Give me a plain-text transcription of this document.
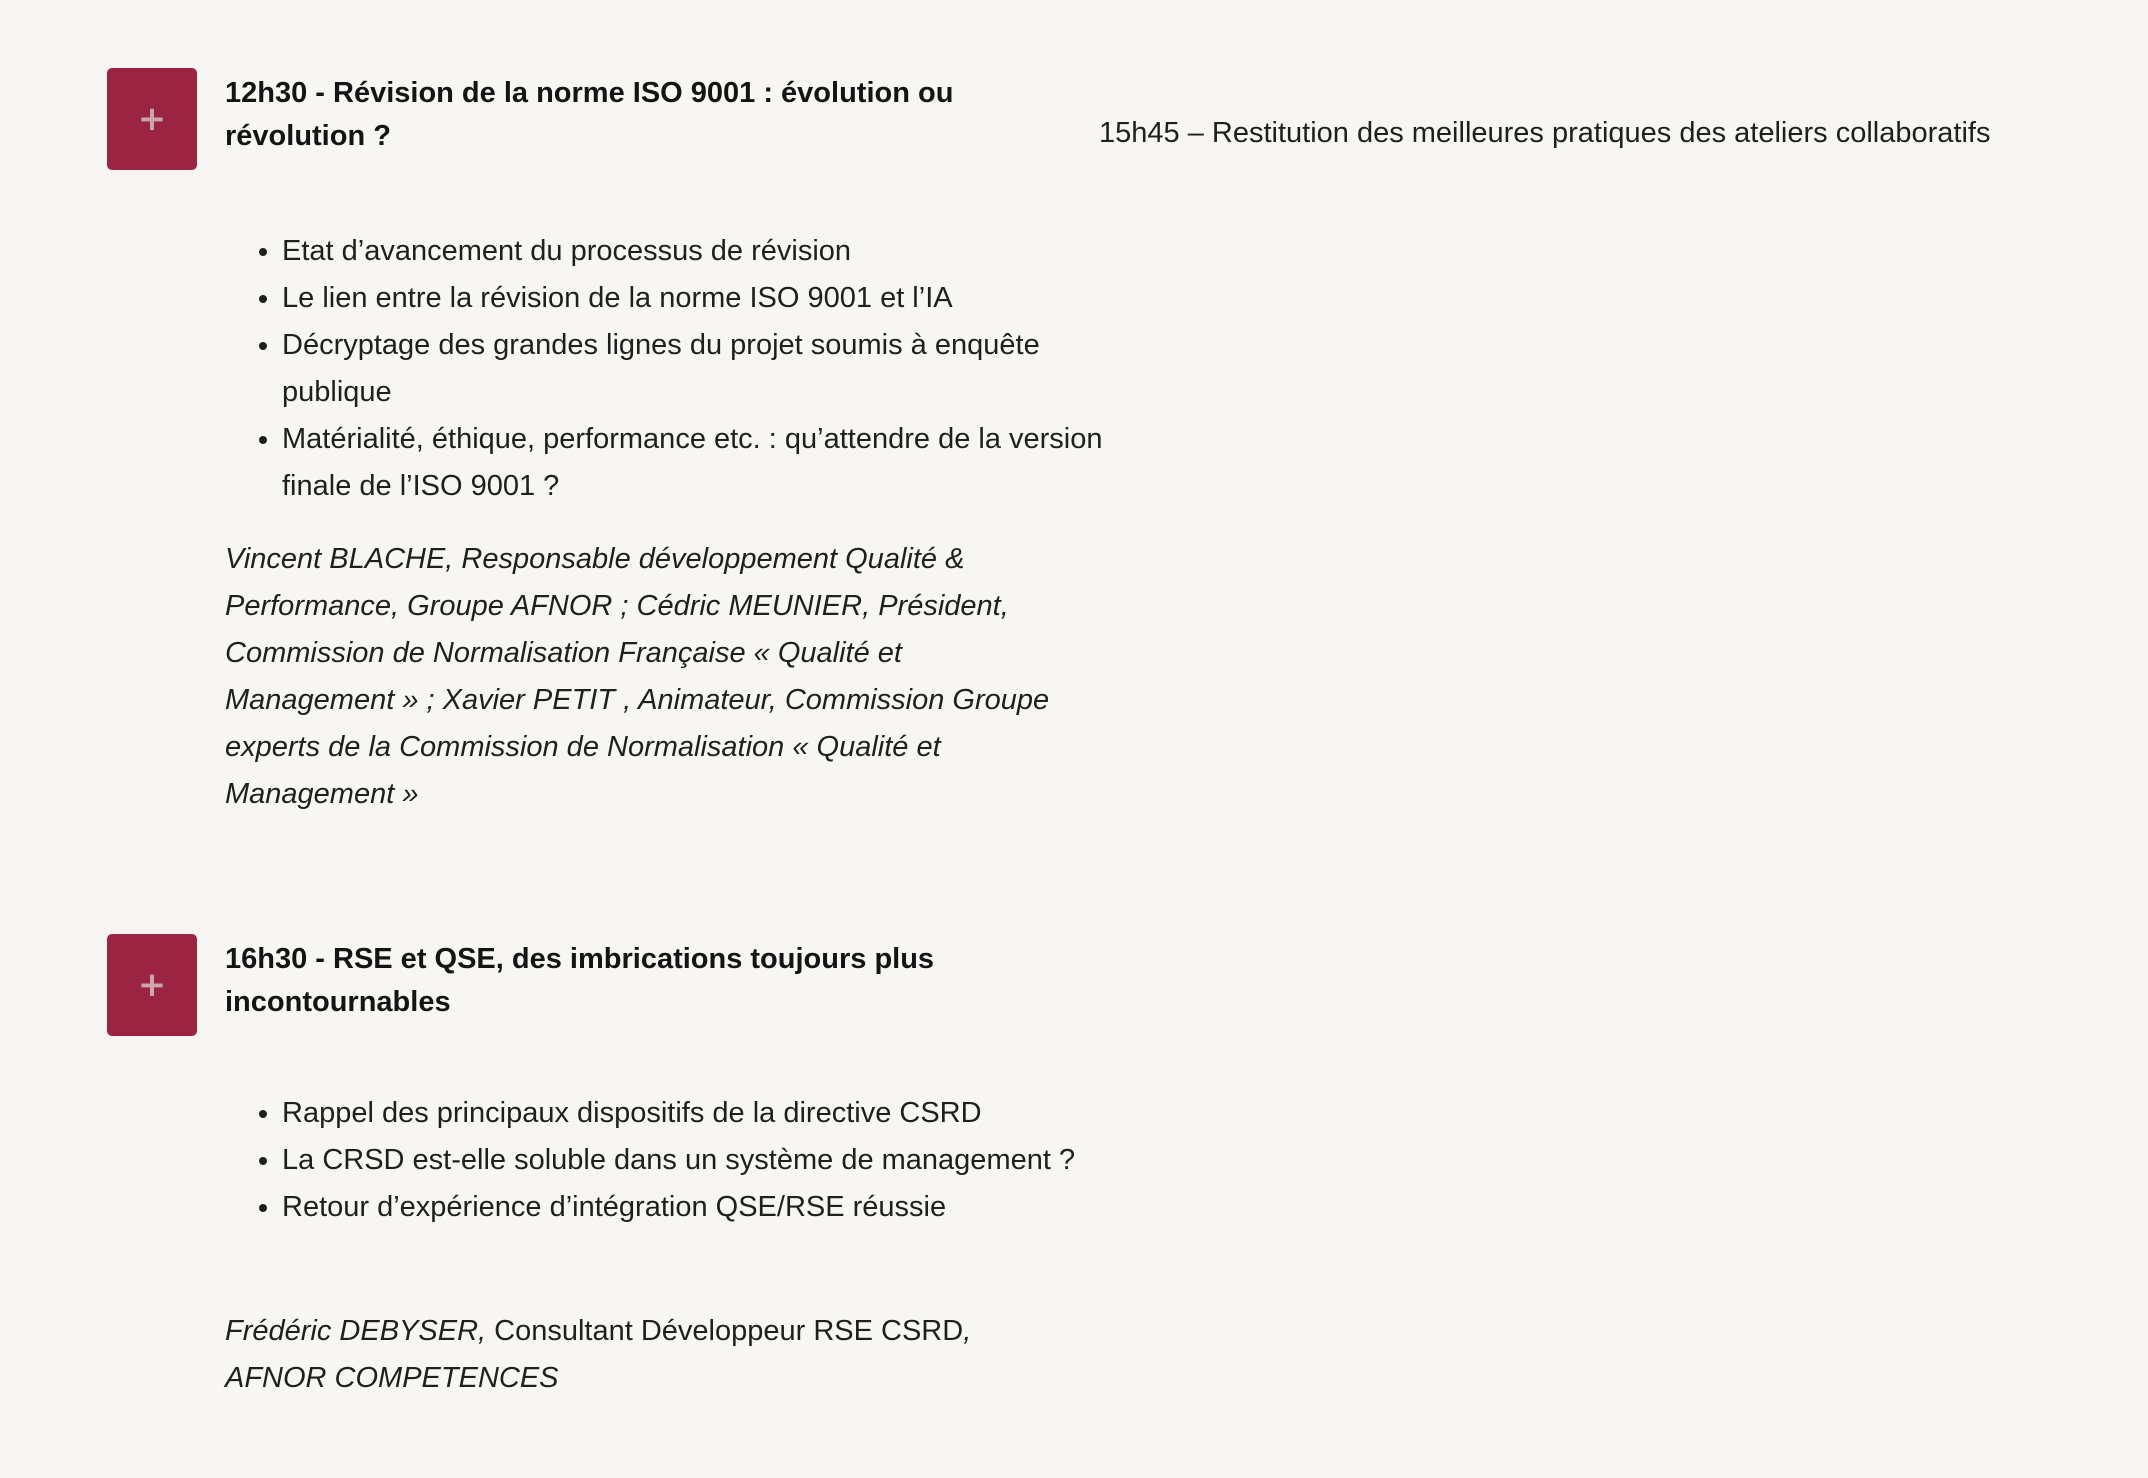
+
12h30 - Révision de la norme ISO 9001 : évolution ou révolution ?
• Etat d’avancement du processus de révision
• Le lien entre la révision de la norme ISO 9001 et l’IA
• Décryptage des grandes lignes du projet soumis à enquête publique
• Matérialité, éthique, performance etc. : qu’attendre de la version finale de l’ISO 9001 ?

Vincent BLACHE, Responsable développement Qualité & Performance, Groupe AFNOR ; Cédric MEUNIER, Président, Commission de Normalisation Française « Qualité et Management » ; Xavier PETIT , Animateur, Commission Groupe experts de la Commission de Normalisation « Qualité et Management »

15h45 – Restitution des meilleures pratiques des ateliers collaboratifs

+
16h30 - RSE et QSE, des imbrications toujours plus incontournables
• Rappel des principaux dispositifs de la directive CSRD
• La CRSD est-elle soluble dans un système de management ?
• Retour d’expérience d’intégration QSE/RSE réussie

Frédéric DEBYSER, Consultant Développeur RSE CSRD,
AFNOR COMPETENCES
